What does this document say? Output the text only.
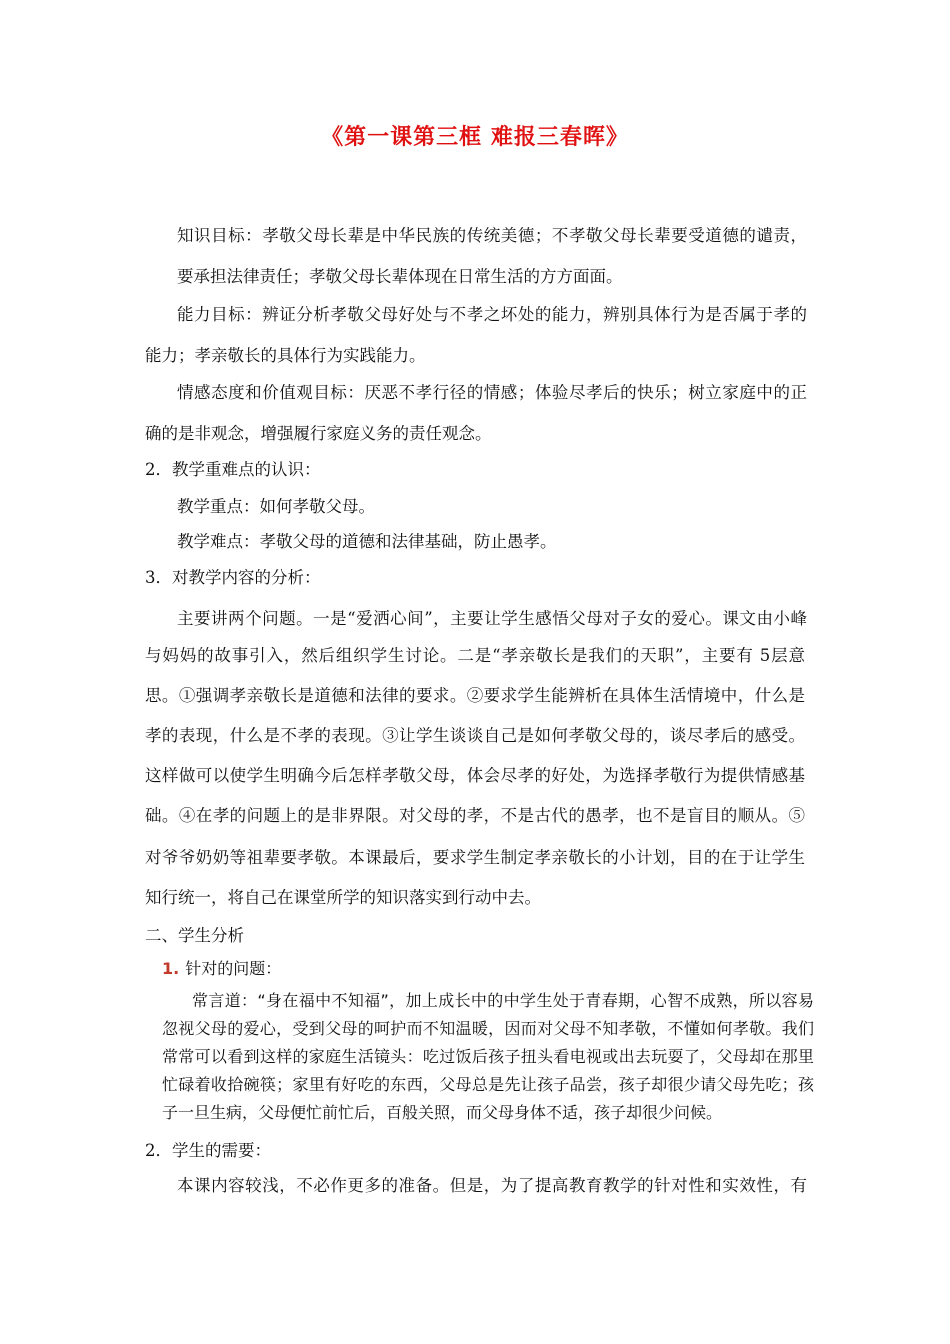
《第一课第三框 难报三春晖》
知识目标：孝敬父母长辈是中华民族的传统美德；不孝敬父母长辈要受道德的谴责，
要承担法律责任；孝敬父母长辈体现在日常生活的方方面面。
能力目标：辨证分析孝敬父母好处与不孝之坏处的能力，辨别具体行为是否属于孝的
能力；孝亲敬长的具体行为实践能力。
情感态度和价值观目标：厌恶不孝行径的情感；体验尽孝后的快乐；树立家庭中的正
确的是非观念，增强履行家庭义务的责任观念。
2．教学重难点的认识：
教学重点：如何孝敬父母。
教学难点：孝敬父母的道德和法律基础，防止愚孝。
3．对教学内容的分析：
主要讲两个问题。一是“爱洒心间”，主要让学生感悟父母对子女的爱心。课文由小峰
与妈妈的故事引入，然后组织学生讨论。二是“孝亲敬长是我们的天职”，主要有 5层意
思。①强调孝亲敬长是道德和法律的要求。②要求学生能辨析在具体生活情境中，什么是
孝的表现，什么是不孝的表现。③让学生谈谈自己是如何孝敬父母的，谈尽孝后的感受。
这样做可以使学生明确今后怎样孝敬父母，体会尽孝的好处，为选择孝敬行为提供情感基
础。④在孝的问题上的是非界限。对父母的孝，不是古代的愚孝，也不是盲目的顺从。⑤
对爷爷奶奶等祖辈要孝敬。本课最后，要求学生制定孝亲敬长的小计划，目的在于让学生
知行统一，将自己在课堂所学的知识落实到行动中去。
二、学生分析
1. 针对的问题：
常言道：“身在福中不知福”，加上成长中的中学生处于青春期，心智不成熟，所以容易
忽视父母的爱心，受到父母的呵护而不知温暖，因而对父母不知孝敬，不懂如何孝敬。我们
常常可以看到这样的家庭生活镜头：吃过饭后孩子扭头看电视或出去玩耍了，父母却在那里
忙碌着收拾碗筷；家里有好吃的东西，父母总是先让孩子品尝，孩子却很少请父母先吃；孩
子一旦生病，父母便忙前忙后，百般关照，而父母身体不适，孩子却很少问候。
2．学生的需要：
本课内容较浅，不必作更多的准备。但是，为了提高教育教学的针对性和实效性，有
